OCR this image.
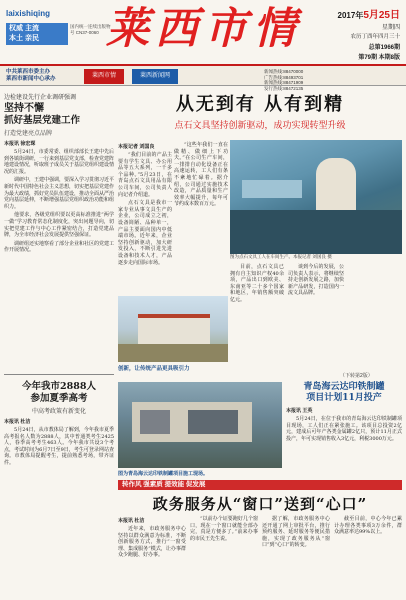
laixishiqing
权威 主流
本土 亲民
国内统一连续出版物号 CN37-0060 莱西市情	2017年5月25日
星期四
农历丁酉年四月三十
总第1966期
第79期 本期8版
中共莱西市委主办
莱西市新闻中心承办	莱西市情	莱西新闻网
新闻热线:88470000
广告热线:88493701
新闻热线:88471909
发行热线:88472135
边检建设先行企业调研强调
坚持不懈
抓好基层党建工作
打造党建亮点品牌
本报讯 徐宏琛

5月24日，市委常委、组织部部长王建中先后到各镇街调研，一行来到基层党支部，检查党建阵地建设情况，听取班子成员关于基层党组织建设情况的汇报。

调研中，王建中强调，要深入学习贯彻习近平新时代中国特色社会主义思想，切实把基层党建作为最大政绩，抓好党员队伍建设，推动全面从严治党向基层延伸，不断增强基层党组织政治功能和组织力。

他要求，各级党组织要以更高标准推进“两学一做”学习教育常态化制度化，突出问题导向，切实把党建工作与中心工作紧密结合，打造党建品牌，为全市经济社会发展提供坚强保证。

调研组还实地察看了部分企业和社区的党建工作开展情况。

今年我市2888人
参加夏季高考
中高考政策有新变化
本报讯 杜洁

5月24日，从市教体局了解到，今年我市夏季高考报名人数为2888人，其中普通类考生2425人，春季高考考生463人。今年我市共设3个考点，考试时间为6月7日至9日，考生可登录网站查询。市教体局提醒考生，提前熟悉考场，带齐证件。

从无到有 从有到精
点石文具坚持创新驱动，成功实现转型升级
本报记者 刘国良

“我们目前的产品主要有学生文具、办公用品等五大系列，一千多个品种。”5月23日，在青岛点石文具用品有限公司车间，公司负责人向记者介绍道。

点石文具是我市一家专业从事文具生产的企业，公司成立之初，设备简陋、品种单一，产品主要面向国内中低端市场。近年来，企业坚持创新驱动，加大研发投入，不断引进先进设备和技术人才，产品逐步走向国际市场。

“这些年我们一直在做精、做细上下功夫。”在公司生产车间，一排排自动化设备正在高速运转，工人们有条不紊地忙碌着。据介绍，公司通过实施技术改造，产品质量和生产效率大幅提升，每年可节约成本数百万元。

图为点石文具工人在车间生产。本报记者 刘国良 摄

目前，点石文具已拥有自主知识产权40余项，产品出口到欧美、东南亚等二十多个国家和地区，年销售额突破亿元。

谈到今后的发展，公司负责人表示，将继续坚持走创新发展之路，加快新产品研发，打造国内一流文具品牌。

创新，让传统产品更具吸引力
（下转第2版）
图为青岛海云达印铁制罐项目施工现场。
青岛海云达印铁制罐
项目计划11月投产
本报讯 王英

5月24日，在位于我市的青岛海云达印铁制罐项目现场，工人们正在紧张施工。该项目总投资2亿元，建成后可年产各类金属罐2亿只，预计11月正式投产，年可实现销售收入3亿元，利税3000万元。

转作风 强素质 提效能 促发展
政务服务从“窗口”送到“心口”
本报讯 杜洁

近年来，市政务服务中心坚持以群众满意为标准，不断创新服务方式，推行“一窗受理、集成服务”模式，让办事群众少跑腿、好办事。

“以前办个证要跑好几个窗口，现在一个窗口就能全部办完，真是方便多了。”前来办事的市民王先生说。

据了解，市政务服务中心还开通了网上审批平台，推行预约服务、延时服务等便民措施，实现了政务服务从“窗口”到“心口”的转变。

截至目前，中心今年已累计办理各类事项3万余件，群众满意率达99%以上。
